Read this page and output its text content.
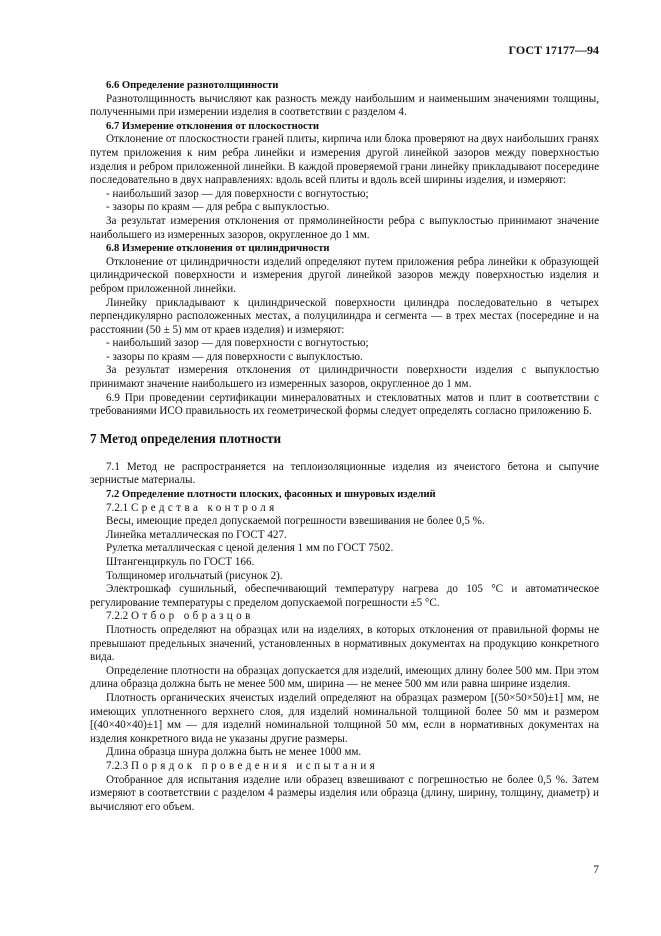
ГОСТ 17177—94

6.6 Определение разнотолщинности

Разнотолщинность вычисляют как разность между наибольшим и наименьшим значениями толщины, полученными при измерении изделия в соответствии с разделом 4.

6.7 Измерение отклонения от плоскостности

Отклонение от плоскостности граней плиты, кирпича или блока проверяют на двух наибольших гранях путем приложения к ним ребра линейки и измерения другой линейкой зазоров между поверхностью изделия и ребром приложенной линейки. В каждой проверяемой грани линейку прикладывают посередине последовательно в двух направлениях: вдоль всей плиты и вдоль всей ширины изделия, и измеряют:

- наибольший зазор — для поверхности с вогнутостью;

- зазоры по краям — для ребра с выпуклостью.

За результат измерения отклонения от прямолинейности ребра с выпуклостью принимают значение наибольшего из измеренных зазоров, округленное до 1 мм.

6.8 Измерение отклонения от цилиндричности

Отклонение от цилиндричности изделий определяют путем приложения ребра линейки к образующей цилиндрической поверхности и измерения другой линейкой зазоров между поверхностью изделия и ребром приложенной линейки.

Линейку прикладывают к цилиндрической поверхности цилиндра последовательно в четырех перпендикулярно расположенных местах, а полуцилиндра и сегмента — в трех местах (посередине и на расстоянии (50 ± 5) мм от краев изделия) и измеряют:

- наибольший зазор — для поверхности с вогнутостью;

- зазоры по краям — для поверхности с выпуклостью.

За результат измерения отклонения от цилиндричности поверхности изделия с выпуклостью принимают значение наибольшего из измеренных зазоров, округленное до 1 мм.

6.9 При проведении сертификации минераловатных и стекловатных матов и плит в соответствии с требованиями ИСО правильность их геометрической формы следует определять согласно приложению Б.

7 Метод определения плотности

7.1 Метод не распространяется на теплоизоляционные изделия из ячеистого бетона и сыпучие зернистые материалы.

7.2 Определение плотности плоских, фасонных и шнуровых изделий

7.2.1 Средства контроля

Весы, имеющие предел допускаемой погрешности взвешивания не более 0,5 %.

Линейка металлическая по ГОСТ 427.

Рулетка металлическая с ценой деления 1 мм по ГОСТ 7502.

Штангенциркуль по ГОСТ 166.

Толщиномер игольчатый (рисунок 2).

Электрошкаф сушильный, обеспечивающий температуру нагрева до 105 °С и автоматическое регулирование температуры с пределом допускаемой погрешности ±5 °С.

7.2.2 Отбор образцов

Плотность определяют на образцах или на изделиях, в которых отклонения от правильной формы не превышают предельных значений, установленных в нормативных документах на продукцию конкретного вида.

Определение плотности на образцах допускается для изделий, имеющих длину более 500 мм. При этом длина образца должна быть не менее 500 мм, ширина — не менее 500 мм или равна ширине изделия.

Плотность органических ячеистых изделий определяют на образцах размером [(50×50×50)±1] мм, не имеющих уплотненного верхнего слоя, для изделий номинальной толщиной более 50 мм и размером [(40×40×40)±1] мм — для изделий номинальной толщиной 50 мм, если в нормативных документах на изделия конкретного вида не указаны другие размеры.

Длина образца шнура должна быть не менее 1000 мм.

7.2.3 Порядок проведения испытания

Отобранное для испытания изделие или образец взвешивают с погрешностью не более 0,5 %. Затем измеряют в соответствии с разделом 4 размеры изделия или образца (длину, ширину, толщину, диаметр) и вычисляют его объем.

7
